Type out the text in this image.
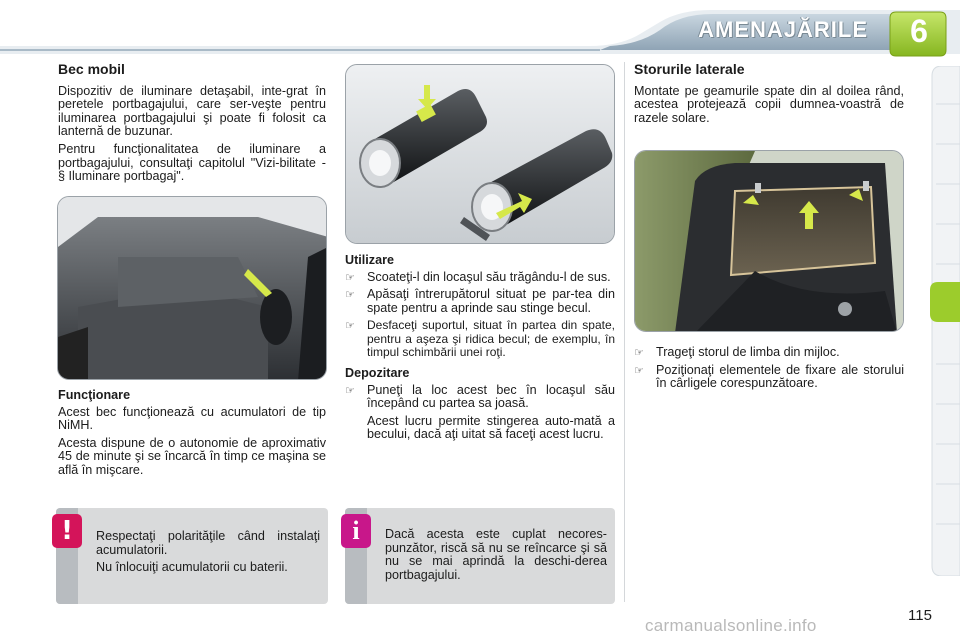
AMENAJĂRILE	6
Bec mobil
Dispozitiv de iluminare detaşabil, inte-grat în peretele portbagajului, care ser-veşte pentru iluminarea portbagajului şi poate fi folosit ca lanternă de buzunar.
Pentru funcţionalitatea de iluminare a portbagajului, consultaţi capitolul "Vizi-bilitate - § Iluminare portbagaj".
Funcţionare
Acest bec funcţionează cu acumulatori de tip NiMH.
Acesta dispune de o autonomie de aproximativ 45 de minute şi se încarcă în timp ce maşina se află în mişcare.
!	Respectaţi polarităţile când instalaţi acumulatorii.
Nu înlocuiţi acumulatorii cu baterii.
Utilizare
☞ Scoateţi-l din locaşul său trăgându-l de sus.
☞ Apăsaţi întrerupătorul situat pe par-tea din spate pentru a aprinde sau stinge becul.
☞	Desfaceţi suportul, situat în partea din spate, pentru a aşeza şi ridica becul; de exemplu, în timpul schimbării unei roţi.
Depozitare
☞ Puneţi la loc acest bec în locaşul său începând cu partea sa joasă.
Acest lucru permite stingerea auto-mată a becului, dacă aţi uitat să faceţi acest lucru.
i	Dacă acesta este cuplat necores-punzător, riscă să nu se reîncarce şi să nu se mai aprindă la deschi-derea portbagajului.
Storurile laterale
Montate pe geamurile spate din al doilea rând, acestea protejează copii dumnea-voastră de razele solare.
☞ Trageţi storul de limba din mijloc.
☞ Poziţionaţi elementele de fixare ale storului în cârligele corespunzătoare.
115
carmanualsonline.info
